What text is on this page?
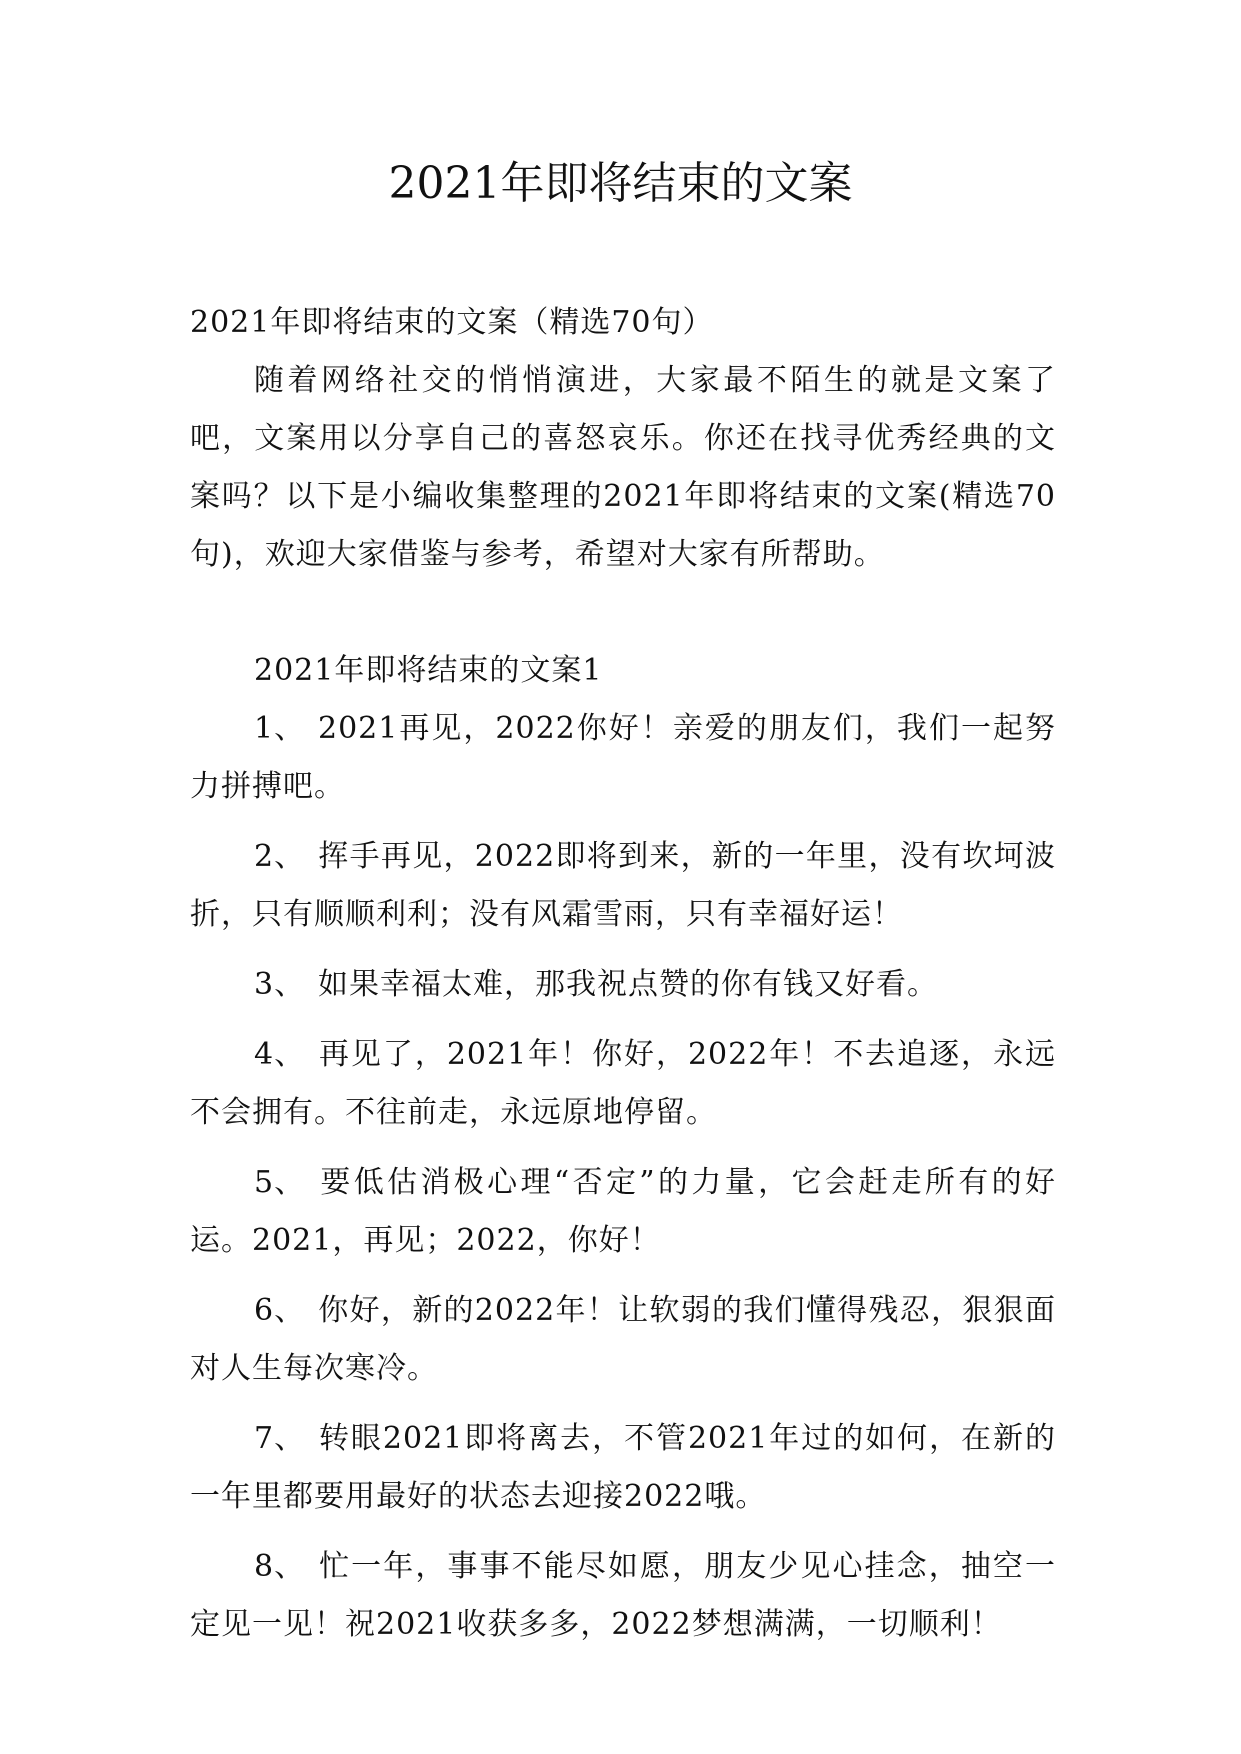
2021年即将结束的文案

2021年即将结束的文案（精选70句）

随着网络社交的悄悄演进，大家最不陌生的就是文案了吧，文案用以分享自己的喜怒哀乐。你还在找寻优秀经典的文案吗？以下是小编收集整理的2021年即将结束的文案(精选70句)，欢迎大家借鉴与参考，希望对大家有所帮助。

2021年即将结束的文案1

1、 2021再见，2022你好！亲爱的朋友们，我们一起努力拼搏吧。

2、 挥手再见，2022即将到来，新的一年里，没有坎坷波折，只有顺顺利利；没有风霜雪雨，只有幸福好运！

3、 如果幸福太难，那我祝点赞的你有钱又好看。

4、 再见了，2021年！你好，2022年！不去追逐，永远不会拥有。不往前走，永远原地停留。

5、 要低估消极心理“否定”的力量，它会赶走所有的好运。2021，再见；2022，你好！

6、 你好，新的2022年！让软弱的我们懂得残忍，狠狠面对人生每次寒冷。

7、 转眼2021即将离去，不管2021年过的如何，在新的一年里都要用最好的状态去迎接2022哦。

8、 忙一年，事事不能尽如愿，朋友少见心挂念，抽空一定见一见！祝2021收获多多，2022梦想满满，一切顺利！
